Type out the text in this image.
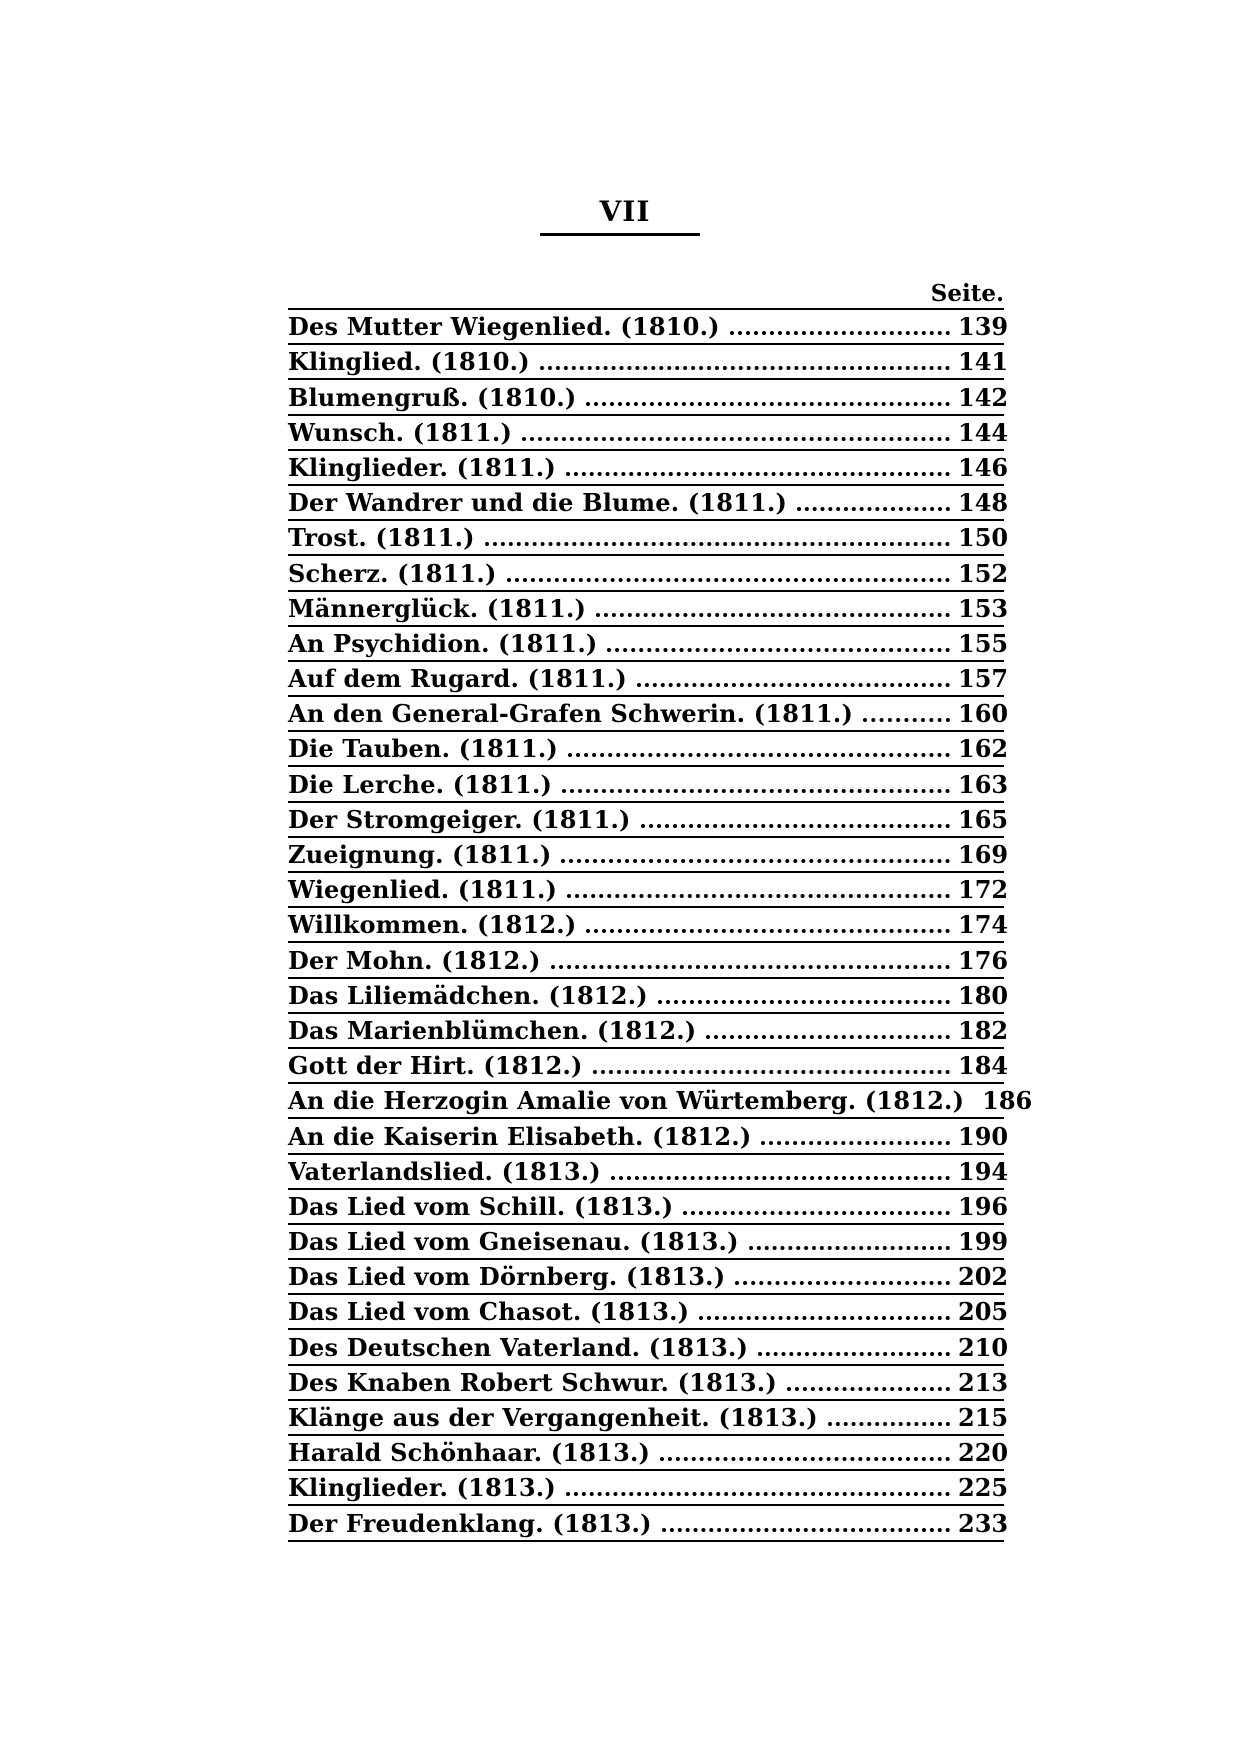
VII
Seite.
Des Mutter Wiegenlied. (1810.)	139
Klinglied. (1810.)	141
Blumengruß. (1810.)	142
Wunsch. (1811.)	144
Klinglieder. (1811.)	146
Der Wandrer und die Blume. (1811.)	148
Trost. (1811.)	150
Scherz. (1811.)	152
Männerglück. (1811.)	153
An Psychidion. (1811.)	155
Auf dem Rugard. (1811.)	157
An den General-Grafen Schwerin. (1811.)	160
Die Tauben. (1811.)	162
Die Lerche. (1811.)	163
Der Stromgeiger. (1811.)	165
Zueignung. (1811.)	169
Wiegenlied. (1811.)	172
Willkommen. (1812.)	174
Der Mohn. (1812.)	176
Das Liliemädchen. (1812.)	180
Das Marienblümchen. (1812.)	182
Gott der Hirt. (1812.)	184
An die Herzogin Amalie von Würtemberg. (1812.) 186
An die Kaiserin Elisabeth. (1812.)	190
Vaterlandslied. (1813.)	194
Das Lied vom Schill. (1813.)	196
Das Lied vom Gneisenau. (1813.)	199
Das Lied vom Dörnberg. (1813.)	202
Das Lied vom Chasot. (1813.)	205
Des Deutschen Vaterland. (1813.)	210
Des Knaben Robert Schwur. (1813.)	213
Klänge aus der Vergangenheit. (1813.)	215
Harald Schönhaar. (1813.)	220
Klinglieder. (1813.)	225
Der Freudenklang. (1813.)	233
